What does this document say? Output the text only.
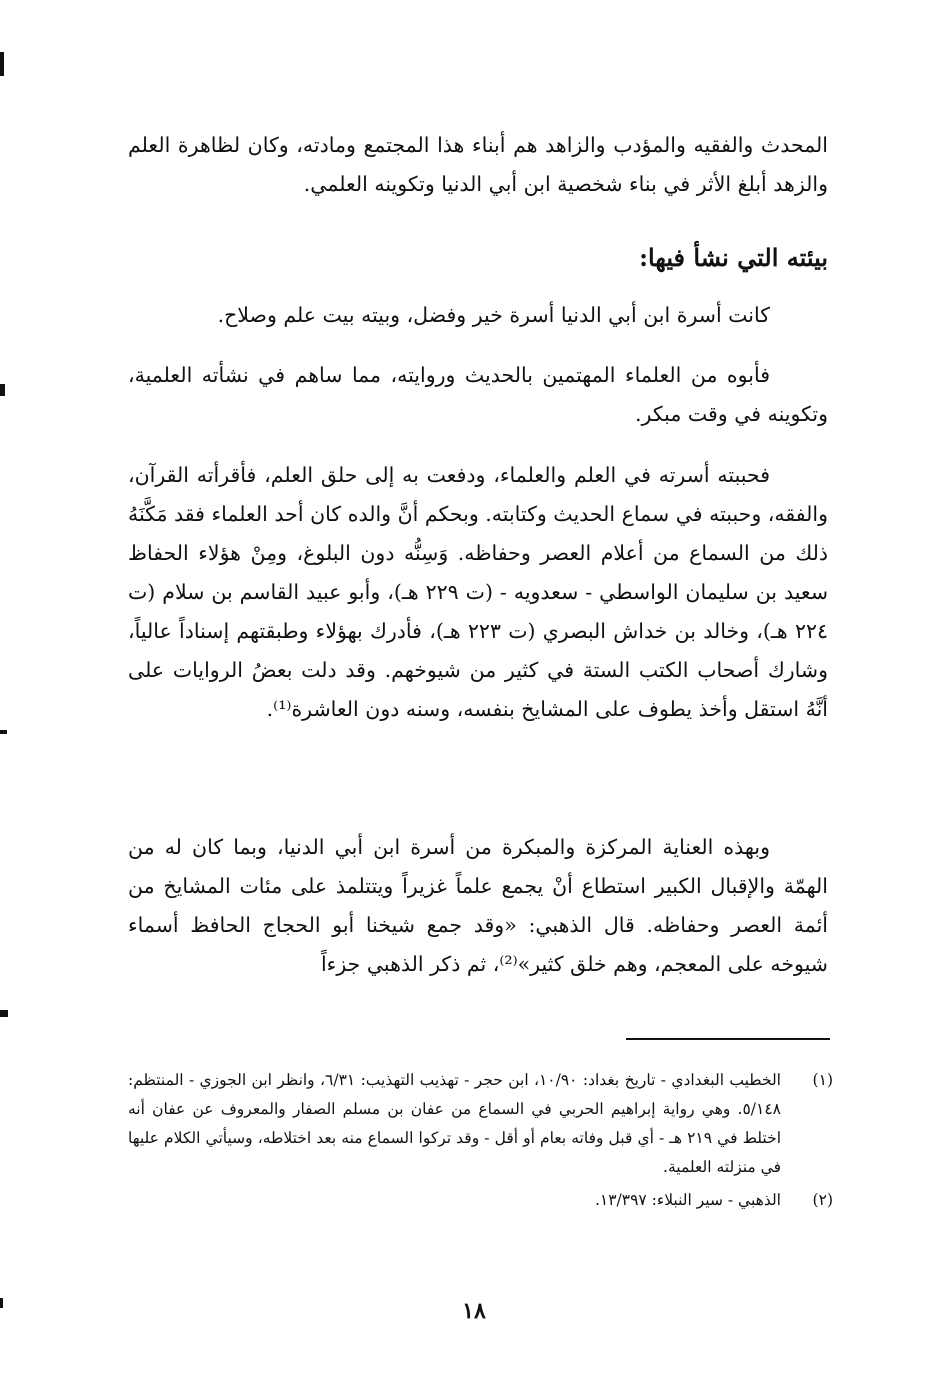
المحدث والفقيه والمؤدب والزاهد هم أبناء هذا المجتمع ومادته، وكان لظاهرة العلم والزهد أبلغ الأثر في بناء شخصية ابن أبي الدنيا وتكوينه العلمي.

بيئته التي نشأ فيها:

كانت أسرة ابن أبي الدنيا أسرة خير وفضل، وبيته بيت علم وصلاح.

فأبوه من العلماء المهتمين بالحديث وروايته، مما ساهم في نشأته العلمية، وتكوينه في وقت مبكر.

فحببته أسرته في العلم والعلماء، ودفعت به إلى حلق العلم، فأقرأته القرآن، والفقه، وحببته في سماع الحديث وكتابته. وبحكم أنَّ والده كان أحد العلماء فقد مَكَّنَهُ ذلك من السماع من أعلام العصر وحفاظه. وَسِنُّه دون البلوغ، ومِنْ هؤلاء الحفاظ سعيد بن سليمان الواسطي - سعدويه - (ت ٢٢٩ هـ)، وأبو عبيد القاسم بن سلام (ت ٢٢٤ هـ)، وخالد بن خداش البصري (ت ٢٢٣ هـ)، فأدرك بهؤلاء وطبقتهم إسناداً عالياً، وشارك أصحاب الكتب الستة في كثير من شيوخهم. وقد دلت بعضُ الروايات على أنَّهُ استقل وأخذ يطوف على المشايخ بنفسه، وسنه دون العاشرة⁽¹⁾.

وبهذه العناية المركزة والمبكرة من أسرة ابن أبي الدنيا، وبما كان له من الهمّة والإقبال الكبير استطاع أنْ يجمع علماً غزيراً ويتتلمذ على مئات المشايخ من أئمة العصر وحفاظه. قال الذهبي: «وقد جمع شيخنا أبو الحجاج الحافظ أسماء شيوخه على المعجم، وهم خلق كثير»⁽²⁾، ثم ذكر الذهبي جزءاً

(١)
الخطيب البغدادي - تاريخ بغداد: ١٠/٩٠، ابن حجر - تهذيب التهذيب: ٦/٣١، وانظر ابن الجوزي - المنتظم: ٥/١٤٨. وهي رواية إبراهيم الحربي في السماع من عفان بن مسلم الصفار والمعروف عن عفان أنه اختلط في ٢١٩ هـ - أي قبل وفاته بعام أو أقل - وقد تركوا السماع منه بعد اختلاطه، وسيأتي الكلام عليها في منزلته العلمية.
(٢)
الذهبي - سير النبلاء: ١٣/٣٩٧.
١٨
